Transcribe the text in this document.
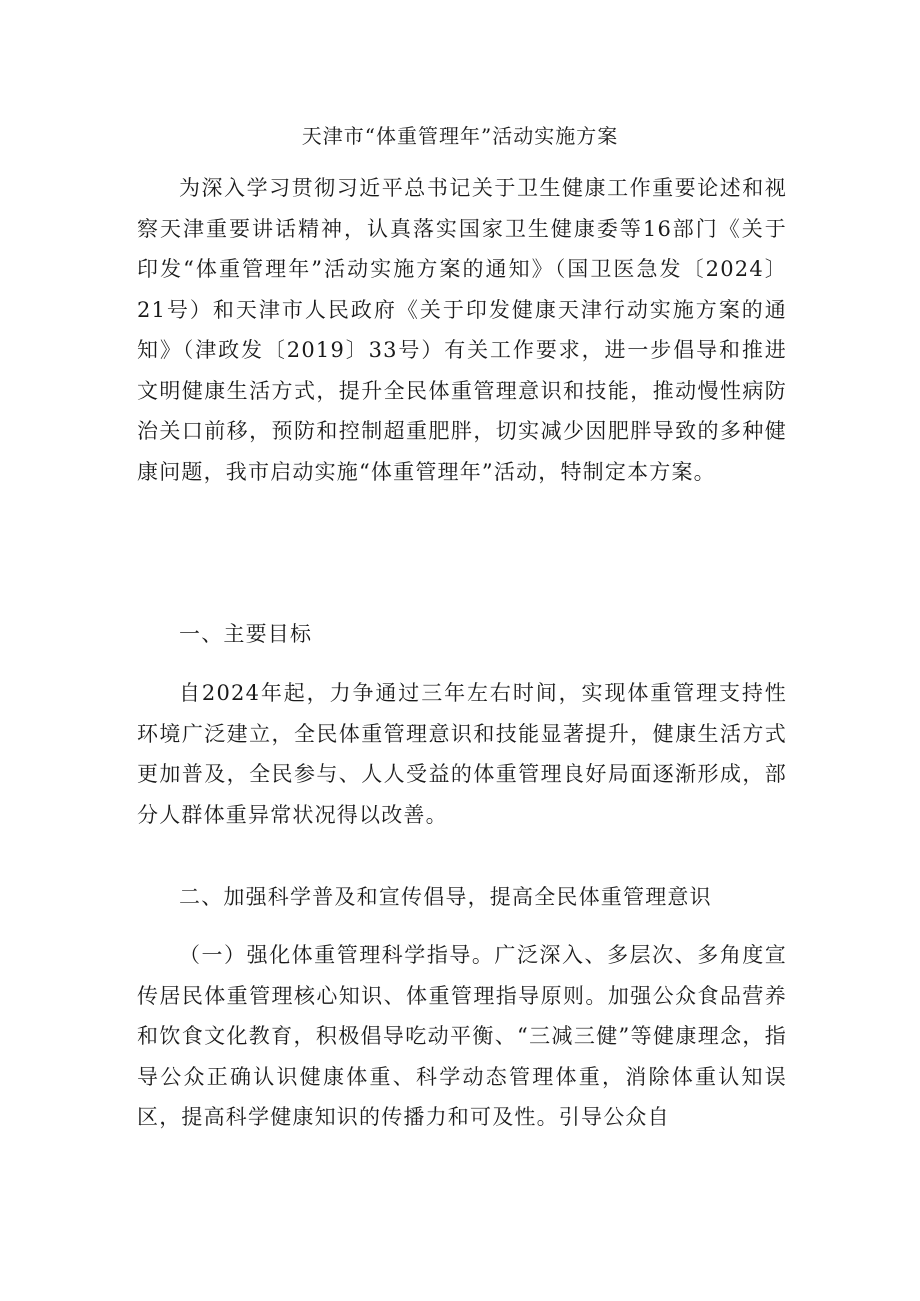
天津市“体重管理年”活动实施方案
为深入学习贯彻习近平总书记关于卫生健康工作重要论述和视察天津重要讲话精神，认真落实国家卫生健康委等16部门《关于印发“体重管理年”活动实施方案的通知》（国卫医急发〔2024〕21号）和天津市人民政府《关于印发健康天津行动实施方案的通知》（津政发〔2019〕33号）有关工作要求，进一步倡导和推进文明健康生活方式，提升全民体重管理意识和技能，推动慢性病防治关口前移，预防和控制超重肥胖，切实减少因肥胖导致的多种健康问题，我市启动实施“体重管理年”活动，特制定本方案。
一、主要目标
自2024年起，力争通过三年左右时间，实现体重管理支持性环境广泛建立，全民体重管理意识和技能显著提升，健康生活方式更加普及，全民参与、人人受益的体重管理良好局面逐渐形成，部分人群体重异常状况得以改善。
二、加强科学普及和宣传倡导，提高全民体重管理意识
（一）强化体重管理科学指导。广泛深入、多层次、多角度宣传居民体重管理核心知识、体重管理指导原则。加强公众食品营养和饮食文化教育，积极倡导吃动平衡、“三减三健”等健康理念，指导公众正确认识健康体重、科学动态管理体重，消除体重认知误区，提高科学健康知识的传播力和可及性。引导公众自
